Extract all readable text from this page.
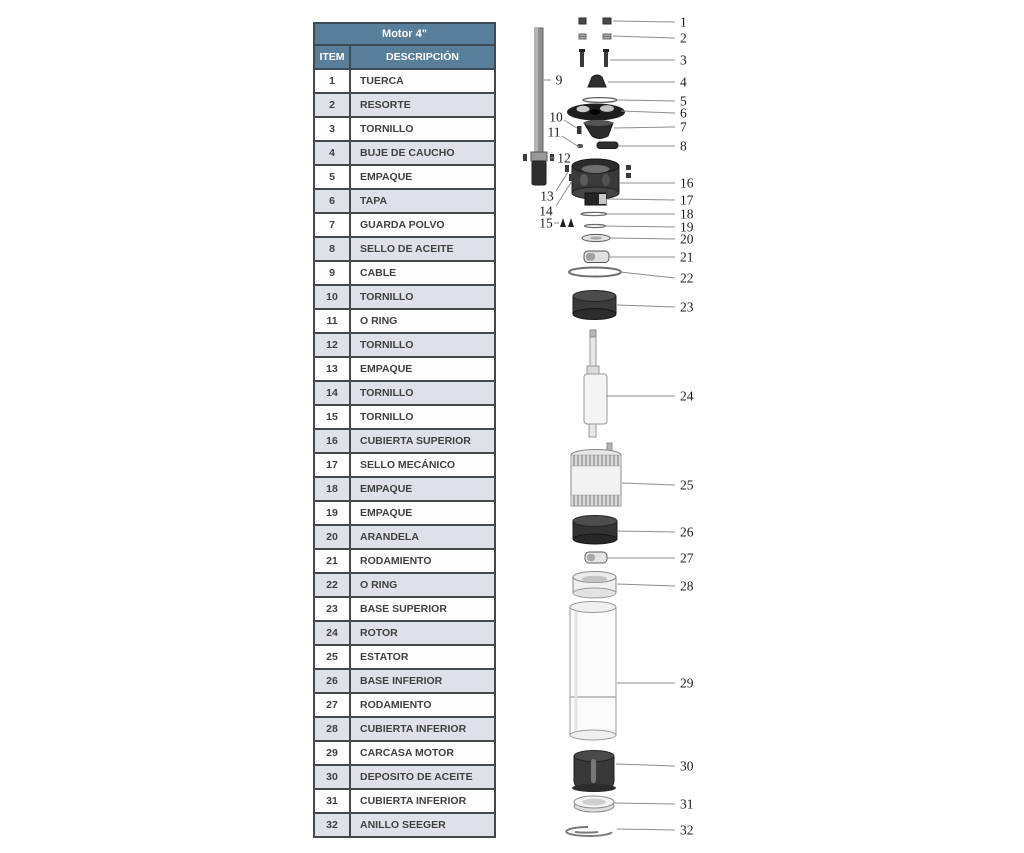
Motor 4"	
ITEM	DESCRIPCIÓN
1	TUERCA
2	RESORTE
3	TORNILLO
4	BUJE DE CAUCHO
5	EMPAQUE
6	TAPA
7	GUARDA POLVO
8	SELLO DE ACEITE
9	CABLE
10	TORNILLO
11	O RING
12	TORNILLO
13	EMPAQUE
14	TORNILLO
15	TORNILLO
16	CUBIERTA SUPERIOR
17	SELLO MECÁNICO
18	EMPAQUE
19	EMPAQUE
20	ARANDELA
21	RODAMIENTO
22	O RING
23	BASE SUPERIOR
24	ROTOR
25	ESTATOR
26	BASE INFERIOR
27	RODAMIENTO
28	CUBIERTA INFERIOR
29	CARCASA MOTOR
30	DEPOSITO DE ACEITE
31	CUBIERTA INFERIOR
32	ANILLO SEEGER
1
2
3
4
5
6
7
8
9
10
11
12
13
14
15
16
17
18
19
20
21
22
23
24
25
26
27
28
29
30
31
32
